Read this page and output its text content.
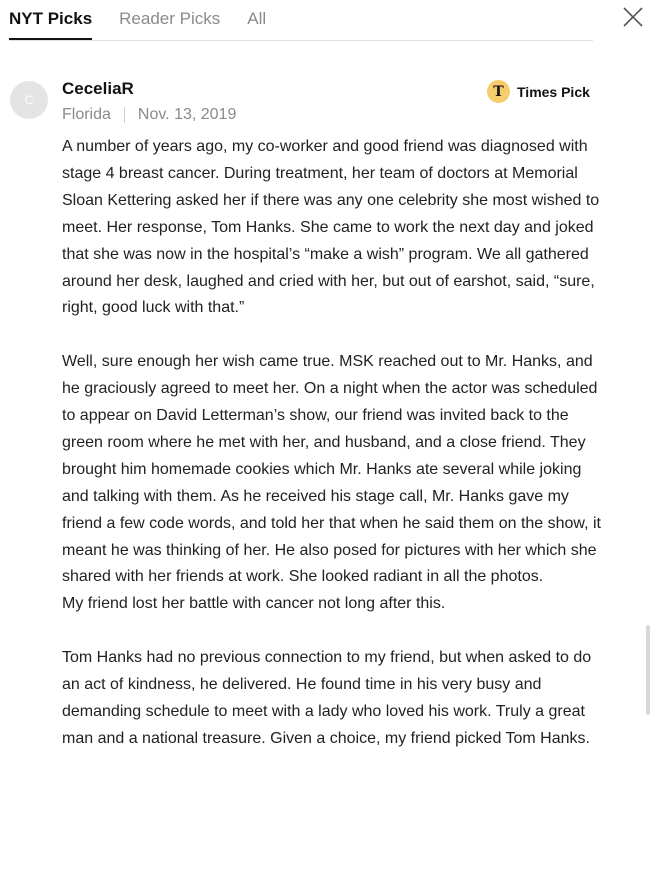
NYT Picks Reader Picks All
C
CeceliaR
Florida Nov. 13, 2019
T Times Pick

A number of years ago, my co-worker and good friend was diagnosed with stage 4 breast cancer. During treatment, her team of doctors at Memorial Sloan Kettering asked her if there was any one celebrity she most wished to meet. Her response, Tom Hanks. She came to work the next day and joked that she was now in the hospital’s “make a wish” program. We all gathered around her desk, laughed and cried with her, but out of earshot, said, “sure, right, good luck with that.”

Well, sure enough her wish came true. MSK reached out to Mr. Hanks, and he graciously agreed to meet her. On a night when the actor was scheduled to appear on David Letterman’s show, our friend was invited back to the green room where he met with her, and husband, and a close friend. They brought him homemade cookies which Mr. Hanks ate several while joking and talking with them. As he received his stage call, Mr. Hanks gave my friend a few code words, and told her that when he said them on the show, it meant he was thinking of her. He also posed for pictures with her which she shared with her friends at work. She looked radiant in all the photos.

My friend lost her battle with cancer not long after this.

Tom Hanks had no previous connection to my friend, but when asked to do an act of kindness, he delivered. He found time in his very busy and demanding schedule to meet with a lady who loved his work. Truly a great man and a national treasure. Given a choice, my friend picked Tom Hanks.
